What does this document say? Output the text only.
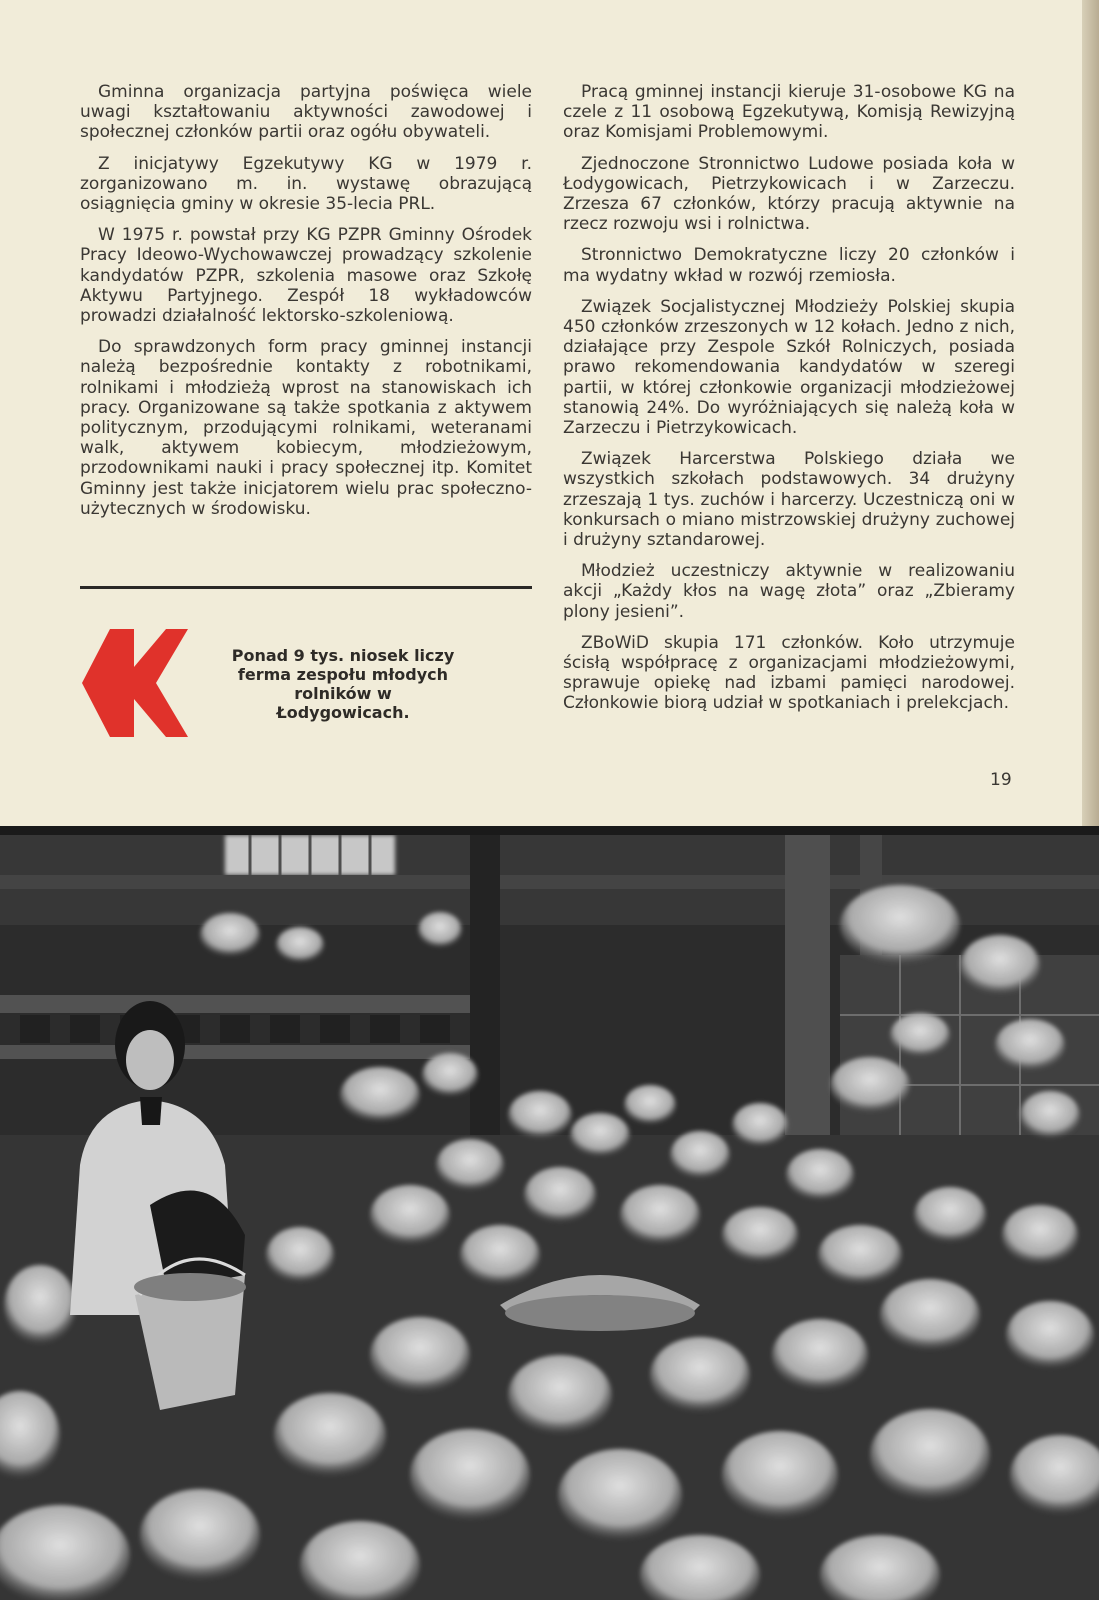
Gminna organizacja partyjna poświęca wiele uwagi kształtowaniu aktywności zawodowej i społecznej członków partii oraz ogółu obywateli.

Z inicjatywy Egzekutywy KG w 1979 r. zorganizowano m. in. wystawę obrazującą osiągnięcia gminy w okresie 35-lecia PRL.

W 1975 r. powstał przy KG PZPR Gminny Ośrodek Pracy Ideowo-Wychowawczej prowadzący szkolenie kandydatów PZPR, szkolenia masowe oraz Szkołę Aktywu Partyjnego. Zespół 18 wykładowców prowadzi działalność lektorsko-szkoleniową.

Do sprawdzonych form pracy gminnej instancji należą bezpośrednie kontakty z robotnikami, rolnikami i młodzieżą wprost na stanowiskach ich pracy. Organizowane są także spotkania z aktywem politycznym, przodującymi rolnikami, weteranami walk, aktywem kobiecym, młodzieżowym, przodownikami nauki i pracy społecznej itp. Komitet Gminny jest także inicjatorem wielu prac społeczno-użytecznych w środowisku.

Pracą gminnej instancji kieruje 31-osobowe KG na czele z 11 osobową Egzekutywą, Komisją Rewizyjną oraz Komisjami Problemowymi.

Zjednoczone Stronnictwo Ludowe posiada koła w Łodygowicach, Pietrzykowicach i w Zarzeczu. Zrzesza 67 członków, którzy pracują aktywnie na rzecz rozwoju wsi i rolnictwa.

Stronnictwo Demokratyczne liczy 20 członków i ma wydatny wkład w rozwój rzemiosła.

Związek Socjalistycznej Młodzieży Polskiej skupia 450 członków zrzeszonych w 12 kołach. Jedno z nich, działające przy Zespole Szkół Rolniczych, posiada prawo rekomendowania kandydatów w szeregi partii, w której członkowie organizacji młodzieżowej stanowią 24%. Do wyróżniających się należą koła w Zarzeczu i Pietrzykowicach.

Związek Harcerstwa Polskiego działa we wszystkich szkołach podstawowych. 34 drużyny zrzeszają 1 tys. zuchów i harcerzy. Uczestniczą oni w konkursach o miano mistrzowskiej drużyny zuchowej i drużyny sztandarowej.

Młodzież uczestniczy aktywnie w realizowaniu akcji „Każdy kłos na wagę złota” oraz „Zbieramy plony jesieni”.

ZBoWiD skupia 171 członków. Koło utrzymuje ścisłą współpracę z organizacjami młodzieżowymi, sprawuje opiekę nad izbami pamięci narodowej. Członkowie biorą udział w spotkaniach i prelekcjach.

Ponad 9 tys. niosek liczy ferma zespołu młodych rolników w Łodygowicach.
19
